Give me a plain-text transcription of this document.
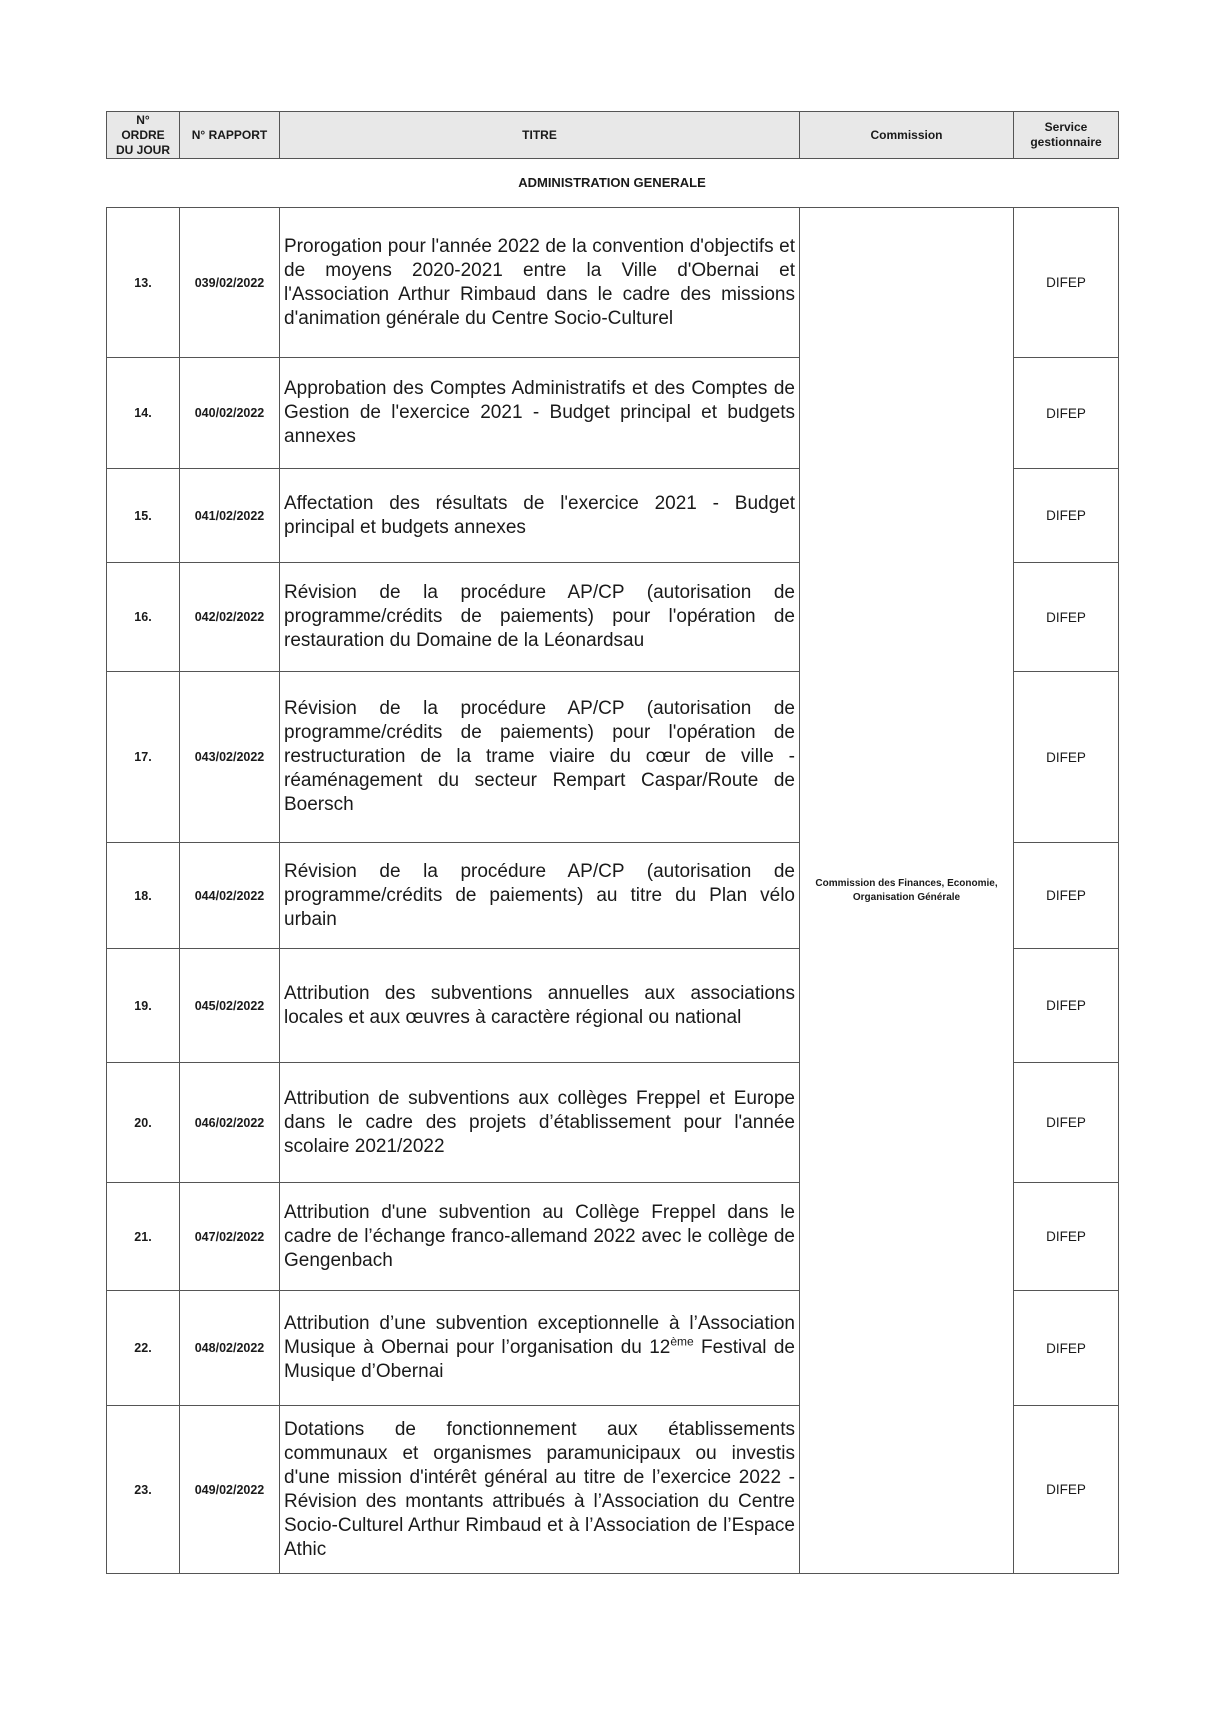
N° ORDRE DU JOUR	N° RAPPORT	TITRE	Commission	Service gestionnaire
ADMINISTRATION GENERALE
13.	039/02/2022	Prorogation pour l'année 2022 de la convention d'objectifs et de moyens 2020-2021 entre la Ville d'Obernai et l'Association Arthur Rimbaud dans le cadre des missions d'animation générale du Centre Socio-Culturel	Commission des Finances, Economie, Organisation Générale	DIFEP
14.	040/02/2022	Approbation des Comptes Administratifs et des Comptes de Gestion de l'exercice 2021 - Budget principal et budgets annexes		DIFEP
15.	041/02/2022	Affectation des résultats de l'exercice 2021 - Budget principal et budgets annexes		DIFEP
16.	042/02/2022	Révision de la procédure AP/CP (autorisation de programme/crédits de paiements) pour l'opération de restauration du Domaine de la Léonardsau		DIFEP
17.	043/02/2022	Révision de la procédure AP/CP (autorisation de programme/crédits de paiements) pour l'opération de restructuration de la trame viaire du cœur de ville - réaménagement du secteur Rempart Caspar/Route de Boersch		DIFEP
18.	044/02/2022	Révision de la procédure AP/CP (autorisation de programme/crédits de paiements) au titre du Plan vélo urbain		DIFEP
19.	045/02/2022	Attribution des subventions annuelles aux associations locales et aux œuvres à caractère régional ou national		DIFEP
20.	046/02/2022	Attribution de subventions aux collèges Freppel et Europe dans le cadre des projets d’établissement pour l'année scolaire 2021/2022		DIFEP
21.	047/02/2022	Attribution d'une subvention au Collège Freppel dans le cadre de l’échange franco-allemand 2022 avec le collège de Gengenbach		DIFEP
22.	048/02/2022	Attribution d’une subvention exceptionnelle à l’Association Musique à Obernai pour l’organisation du 12ème Festival de Musique d’Obernai		DIFEP
23.	049/02/2022	Dotations de fonctionnement aux établissements communaux et organismes paramunicipaux ou investis d'une mission d'intérêt général au titre de l’exercice 2022 - Révision des montants attribués à l’Association du Centre Socio-Culturel Arthur Rimbaud et à l’Association de l’Espace Athic		DIFEP
